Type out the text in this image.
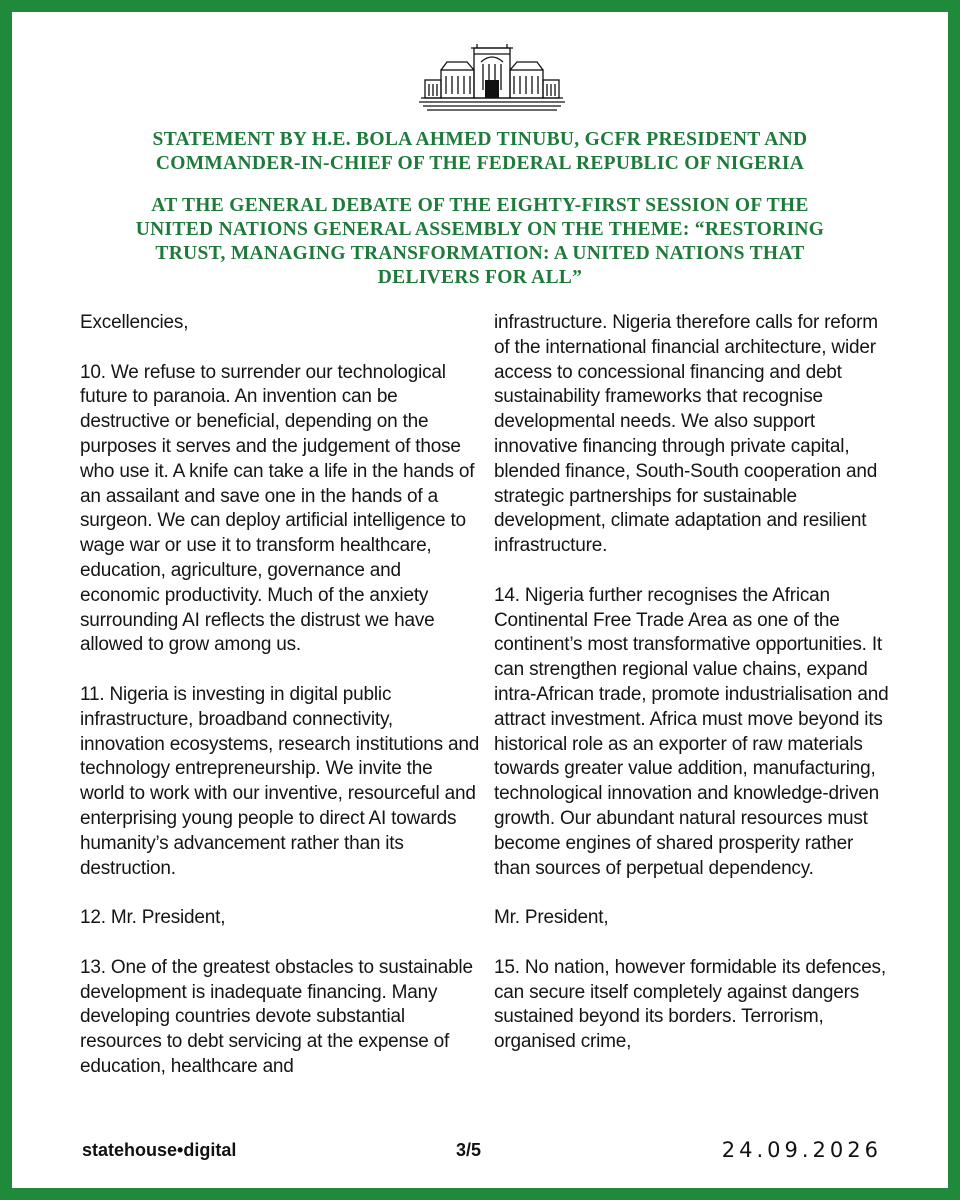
STATEMENT BY H.E. BOLA AHMED TINUBU, GCFR PRESIDENT AND COMMANDER-IN-CHIEF OF THE FEDERAL REPUBLIC OF NIGERIA

AT THE GENERAL DEBATE OF THE EIGHTY-FIRST SESSION OF THE UNITED NATIONS GENERAL ASSEMBLY ON THE THEME: “RESTORING TRUST, MANAGING TRANSFORMATION: A UNITED NATIONS THAT DELIVERS FOR ALL”

Excellencies,

10. We refuse to surrender our technological future to paranoia. An invention can be destructive or beneficial, depending on the purposes it serves and the judgement of those who use it. A knife can take a life in the hands of an assailant and save one in the hands of a surgeon. We can deploy artificial intelligence to wage war or use it to transform healthcare, education, agriculture, governance and economic productivity. Much of the anxiety surrounding AI reflects the distrust we have allowed to grow among us.

11. Nigeria is investing in digital public infrastructure, broadband connectivity, innovation ecosystems, research institutions and technology entrepreneurship. We invite the world to work with our inventive, resourceful and enterprising young people to direct AI towards humanity’s advancement rather than its destruction.

12. Mr. President,

13. One of the greatest obstacles to sustainable development is inadequate financing. Many developing countries devote substantial resources to debt servicing at the expense of education, healthcare and

infrastructure. Nigeria therefore calls for reform of the international financial architecture, wider access to concessional financing and debt sustainability frameworks that recognise developmental needs. We also support innovative financing through private capital, blended finance, South-South cooperation and strategic partnerships for sustainable development, climate adaptation and resilient infrastructure.

14. Nigeria further recognises the African Continental Free Trade Area as one of the continent’s most transformative opportunities. It can strengthen regional value chains, expand intra-African trade, promote industrialisation and attract investment. Africa must move beyond its historical role as an exporter of raw materials towards greater value addition, manufacturing, technological innovation and knowledge-driven growth. Our abundant natural resources must become engines of shared prosperity rather than sources of perpetual dependency.

Mr. President,

15. No nation, however formidable its defences, can secure itself completely against dangers sustained beyond its borders. Terrorism, organised crime,

statehouse•digital	3/5	24.09.2026
